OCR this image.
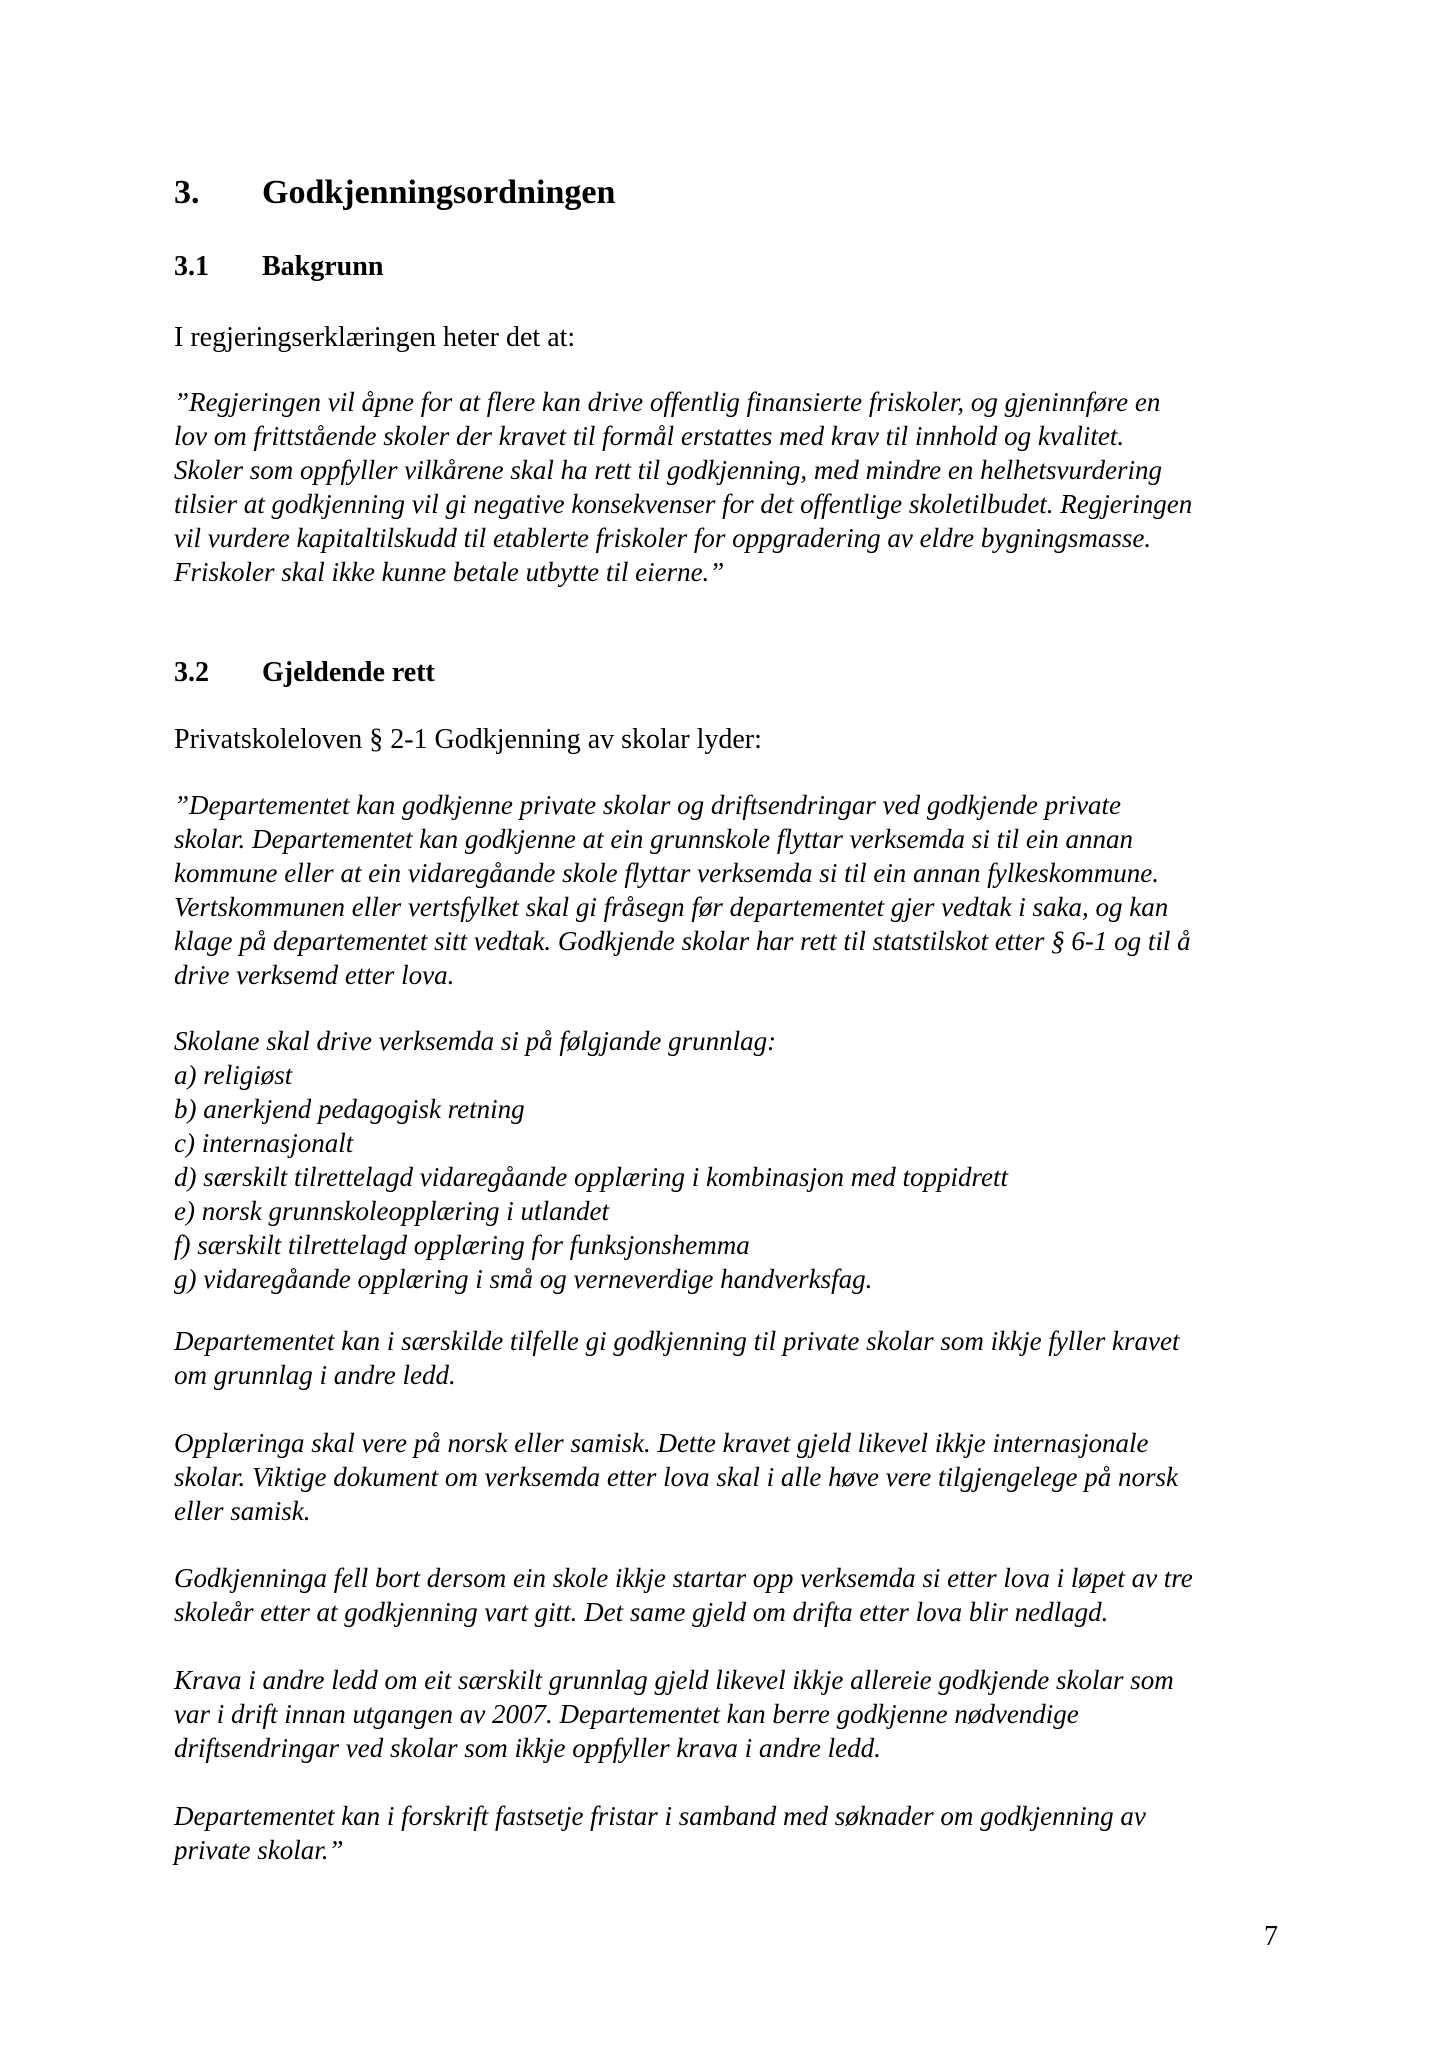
3. Godkjenningsordningen
3.1 Bakgrunn
I regjeringserklæringen heter det at:
”Regjeringen vil åpne for at flere kan drive offentlig finansierte friskoler, og gjeninnføre en
lov om frittstående skoler der kravet til formål erstattes med krav til innhold og kvalitet.
Skoler som oppfyller vilkårene skal ha rett til godkjenning, med mindre en helhetsvurdering
tilsier at godkjenning vil gi negative konsekvenser for det offentlige skoletilbudet. Regjeringen
vil vurdere kapitaltilskudd til etablerte friskoler for oppgradering av eldre bygningsmasse.
Friskoler skal ikke kunne betale utbytte til eierne.”
3.2 Gjeldende rett
Privatskoleloven § 2-1 Godkjenning av skolar lyder:
”Departementet kan godkjenne private skolar og driftsendringar ved godkjende private
skolar. Departementet kan godkjenne at ein grunnskole flyttar verksemda si til ein annan
kommune eller at ein vidaregåande skole flyttar verksemda si til ein annan fylkeskommune.
Vertskommunen eller vertsfylket skal gi fråsegn før departementet gjer vedtak i saka, og kan
klage på departementet sitt vedtak. Godkjende skolar har rett til statstilskot etter § 6-1 og til å
drive verksemd etter lova.
Skolane skal drive verksemda si på følgjande grunnlag:
a) religiøst
b) anerkjend pedagogisk retning
c) internasjonalt
d) særskilt tilrettelagd vidaregåande opplæring i kombinasjon med toppidrett
e) norsk grunnskoleopplæring i utlandet
f) særskilt tilrettelagd opplæring for funksjonshemma
g) vidaregåande opplæring i små og verneverdige handverksfag.
Departementet kan i særskilde tilfelle gi godkjenning til private skolar som ikkje fyller kravet
om grunnlag i andre ledd.
Opplæringa skal vere på norsk eller samisk. Dette kravet gjeld likevel ikkje internasjonale
skolar. Viktige dokument om verksemda etter lova skal i alle høve vere tilgjengelege på norsk
eller samisk.
Godkjenninga fell bort dersom ein skole ikkje startar opp verksemda si etter lova i løpet av tre
skoleår etter at godkjenning vart gitt. Det same gjeld om drifta etter lova blir nedlagd.
Krava i andre ledd om eit særskilt grunnlag gjeld likevel ikkje allereie godkjende skolar som
var i drift innan utgangen av 2007. Departementet kan berre godkjenne nødvendige
driftsendringar ved skolar som ikkje oppfyller krava i andre ledd.
Departementet kan i forskrift fastsetje fristar i samband med søknader om godkjenning av
private skolar.”
7
